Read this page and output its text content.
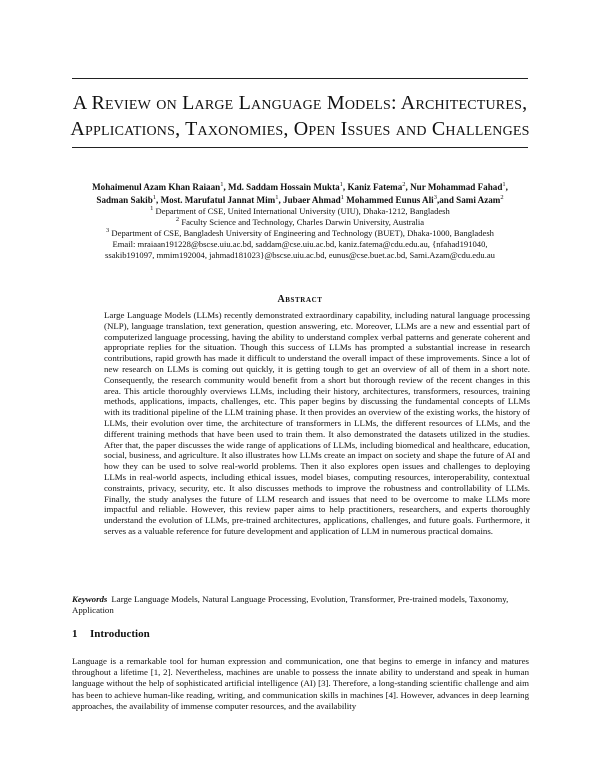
A Review on Large Language Models: Architectures,
Applications, Taxonomies, Open Issues and Challenges
Mohaimenul Azam Khan Raiaan$^1$, Md. Saddam Hossain Mukta$^1$, Kaniz Fatema$^2$, Nur Mohammad Fahad$^1$,
Sadman Sakib$^1$, Most. Marufatul Jannat Mim$^1$, Jubaer Ahmad$^1$ Mohammed Eunus Ali$^3$,and Sami Azam$^2$
$^1$ Department of CSE, United International University (UIU), Dhaka-1212, Bangladesh
$^2$ Faculty Science and Technology, Charles Darwin University, Australia
$^3$ Department of CSE, Bangladesh University of Engineering and Technology (BUET), Dhaka-1000, Bangladesh
Email: mraiaan191228@bscse.uiu.ac.bd, saddam@cse.uiu.ac.bd, kaniz.fatema@cdu.edu.au, {nfahad191040,
ssakib191097, mmim192004, jahmad181023}@bscse.uiu.ac.bd, eunus@cse.buet.ac.bd, Sami.Azam@cdu.edu.au
Abstract

Large Language Models (LLMs) recently demonstrated extraordinary capability, including natural language processing (NLP), language translation, text generation, question answering, etc. Moreover, LLMs are a new and essential part of computerized language processing, having the ability to understand complex verbal patterns and generate coherent and appropriate replies for the situation. Though this success of LLMs has prompted a substantial increase in research contributions, rapid growth has made it difficult to understand the overall impact of these improvements. Since a lot of new research on LLMs is coming out quickly, it is getting tough to get an overview of all of them in a short note. Consequently, the research community would benefit from a short but thorough review of the recent changes in this area. This article thoroughly overviews LLMs, including their history, architectures, transformers, resources, training methods, applications, impacts, challenges, etc. This paper begins by discussing the fundamental concepts of LLMs with its traditional pipeline of the LLM training phase. It then provides an overview of the existing works, the history of LLMs, their evolution over time, the architecture of transformers in LLMs, the different resources of LLMs, and the different training methods that have been used to train them. It also demonstrated the datasets utilized in the studies. After that, the paper discusses the wide range of applications of LLMs, including biomedical and healthcare, education, social, business, and agriculture. It also illustrates how LLMs create an impact on society and shape the future of AI and how they can be used to solve real-world problems. Then it also explores open issues and challenges to deploying LLMs in real-world aspects, including ethical issues, model biases, computing resources, interoperability, contextual constraints, privacy, security, etc. It also discusses methods to improve the robustness and controllability of LLMs. Finally, the study analyses the future of LLM research and issues that need to be overcome to make LLMs more impactful and reliable. However, this review paper aims to help practitioners, researchers, and experts thoroughly understand the evolution of LLMs, pre-trained architectures, applications, challenges, and future goals. Furthermore, it serves as a valuable reference for future development and application of LLM in numerous practical domains.

Keywords Large Language Models, Natural Language Processing, Evolution, Transformer, Pre-trained models, Taxonomy, Application

1 Introduction

Language is a remarkable tool for human expression and communication, one that begins to emerge in infancy and matures throughout a lifetime [1, 2]. Nevertheless, machines are unable to possess the innate ability to understand and speak in human language without the help of sophisticated artificial intelligence (AI) [3]. Therefore, a long-standing scientific challenge and aim has been to achieve human-like reading, writing, and communication skills in machines [4]. However, advances in deep learning approaches, the availability of immense computer resources, and the availability
